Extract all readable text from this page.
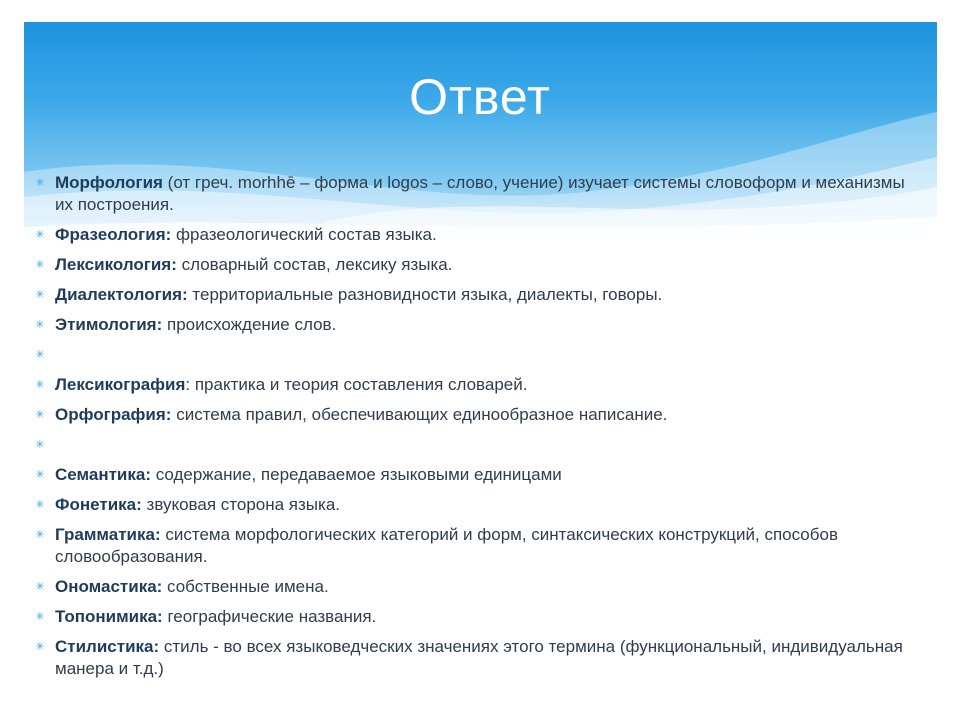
Ответ
✳ Морфология (от греч. morhhē – форма и logos – слово, учение) изучает системы словоформ и механизмы их построения.
✳ Фразеология: фразеологический состав языка.
✳ Лексикология: словарный состав, лексику языка.
✳ Диалектология: территориальные разновидности языка, диалекты, говоры.
✳ Этимология: происхождение слов.
✳
✳ Лексикография: практика и теория составления словарей.
✳ Орфография: система правил, обеспечивающих единообразное написание.
✳
✳ Семантика: содержание, передаваемое языковыми единицами
✳ Фонетика: звуковая сторона языка.
✳ Грамматика: система морфологических категорий и форм, синтаксических конструкций, способов словообразования.
✳ Ономастика: собственные имена.
✳ Топонимика: географические названия.
✳ Стилистика: стиль - во всех языковедческих значениях этого термина (функциональный, индивидуальная манера и т.д.)
